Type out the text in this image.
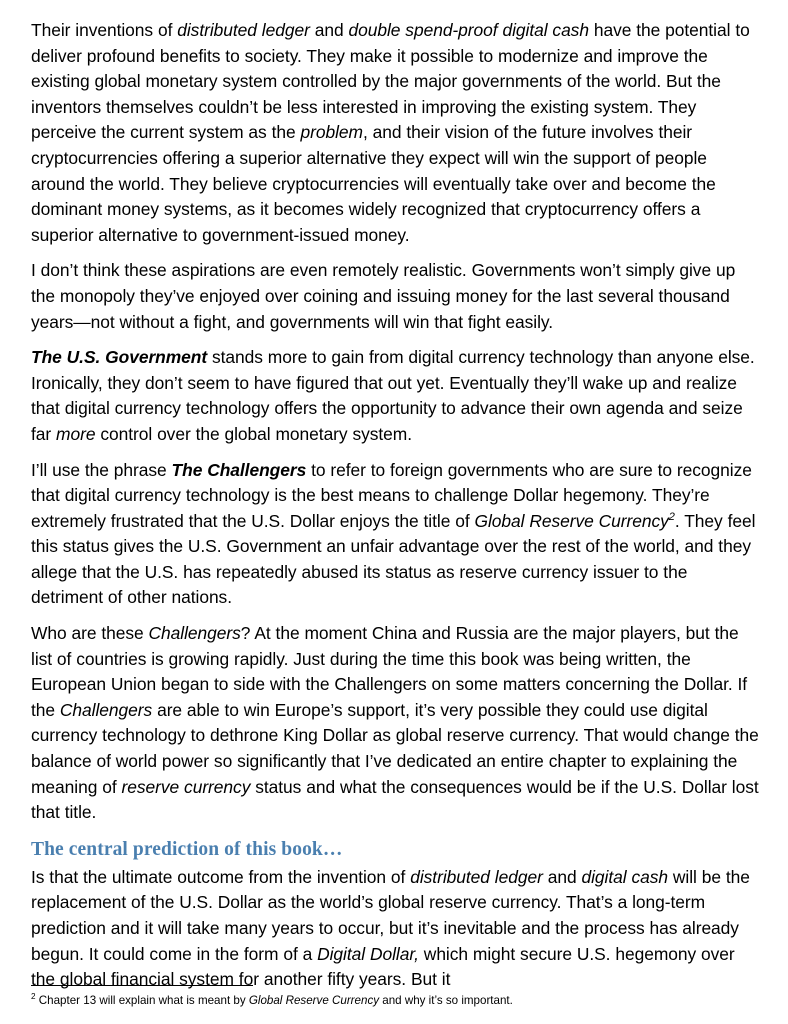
Their inventions of distributed ledger and double spend-proof digital cash have the potential to deliver profound benefits to society. They make it possible to modernize and improve the existing global monetary system controlled by the major governments of the world. But the inventors themselves couldn’t be less interested in improving the existing system. They perceive the current system as the problem, and their vision of the future involves their cryptocurrencies offering a superior alternative they expect will win the support of people around the world. They believe cryptocurrencies will eventually take over and become the dominant money systems, as it becomes widely recognized that cryptocurrency offers a superior alternative to government-issued money.

I don’t think these aspirations are even remotely realistic. Governments won’t simply give up the monopoly they’ve enjoyed over coining and issuing money for the last several thousand years—not without a fight, and governments will win that fight easily.

The U.S. Government stands more to gain from digital currency technology than anyone else. Ironically, they don’t seem to have figured that out yet. Eventually they’ll wake up and realize that digital currency technology offers the opportunity to advance their own agenda and seize far more control over the global monetary system.

I’ll use the phrase The Challengers to refer to foreign governments who are sure to recognize that digital currency technology is the best means to challenge Dollar hegemony. They’re extremely frustrated that the U.S. Dollar enjoys the title of Global Reserve Currency$^2$. They feel this status gives the U.S. Government an unfair advantage over the rest of the world, and they allege that the U.S. has repeatedly abused its status as reserve currency issuer to the detriment of other nations.

Who are these Challengers? At the moment China and Russia are the major players, but the list of countries is growing rapidly. Just during the time this book was being written, the European Union began to side with the Challengers on some matters concerning the Dollar. If the Challengers are able to win Europe’s support, it’s very possible they could use digital currency technology to dethrone King Dollar as global reserve currency. That would change the balance of world power so significantly that I’ve dedicated an entire chapter to explaining the meaning of reserve currency status and what the consequences would be if the U.S. Dollar lost that title.

The central prediction of this book…

Is that the ultimate outcome from the invention of distributed ledger and digital cash will be the replacement of the U.S. Dollar as the world’s global reserve currency. That’s a long-term prediction and it will take many years to occur, but it’s inevitable and the process has already begun. It could come in the form of a Digital Dollar, which might secure U.S. hegemony over the global financial system for another fifty years. But it

$^2$ Chapter 13 will explain what is meant by Global Reserve Currency and why it’s so important.
